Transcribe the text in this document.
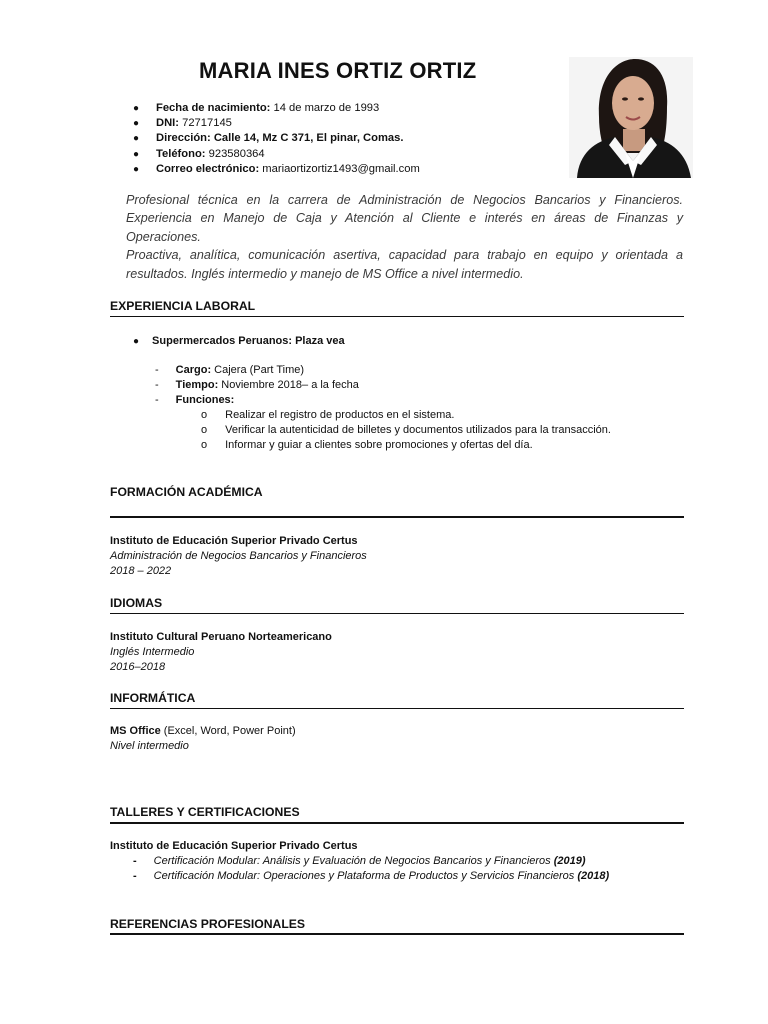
MARIA INES ORTIZ ORTIZ
● Fecha de nacimiento: 14 de marzo de 1993
● DNI: 72717145
● Dirección: Calle 14, Mz C 371, El pinar, Comas.
● Teléfono: 923580364
● Correo electrónico: mariaortizortiz1493@gmail.com

Profesional técnica en la carrera de Administración de Negocios Bancarios y Financieros. Experiencia en Manejo de Caja y Atención al Cliente e interés en áreas de Finanzas y Operaciones.

Proactiva, analítica, comunicación asertiva, capacidad para trabajo en equipo y orientada a resultados. Inglés intermedio y manejo de MS Office a nivel intermedio.

EXPERIENCIA LABORAL
● Supermercados Peruanos: Plaza vea
- Cargo: Cajera (Part Time)
- Tiempo: Noviembre 2018– a la fecha
- Funciones:
o Realizar el registro de productos en el sistema.
o Verificar la autenticidad de billetes y documentos utilizados para la transacción.
o Informar y guiar a clientes sobre promociones y ofertas del día.
FORMACIÓN ACADÉMICA
Instituto de Educación Superior Privado Certus
Administración de Negocios Bancarios y Financieros
2018 – 2022
IDIOMAS
Instituto Cultural Peruano Norteamericano
Inglés Intermedio
2016–2018
INFORMÁTICA
MS Office (Excel, Word, Power Point)
Nivel intermedio
TALLERES Y CERTIFICACIONES
Instituto de Educación Superior Privado Certus
- Certificación Modular: Análisis y Evaluación de Negocios Bancarios y Financieros (2019)
- Certificación Modular: Operaciones y Plataforma de Productos y Servicios Financieros (2018)
REFERENCIAS PROFESIONALES
